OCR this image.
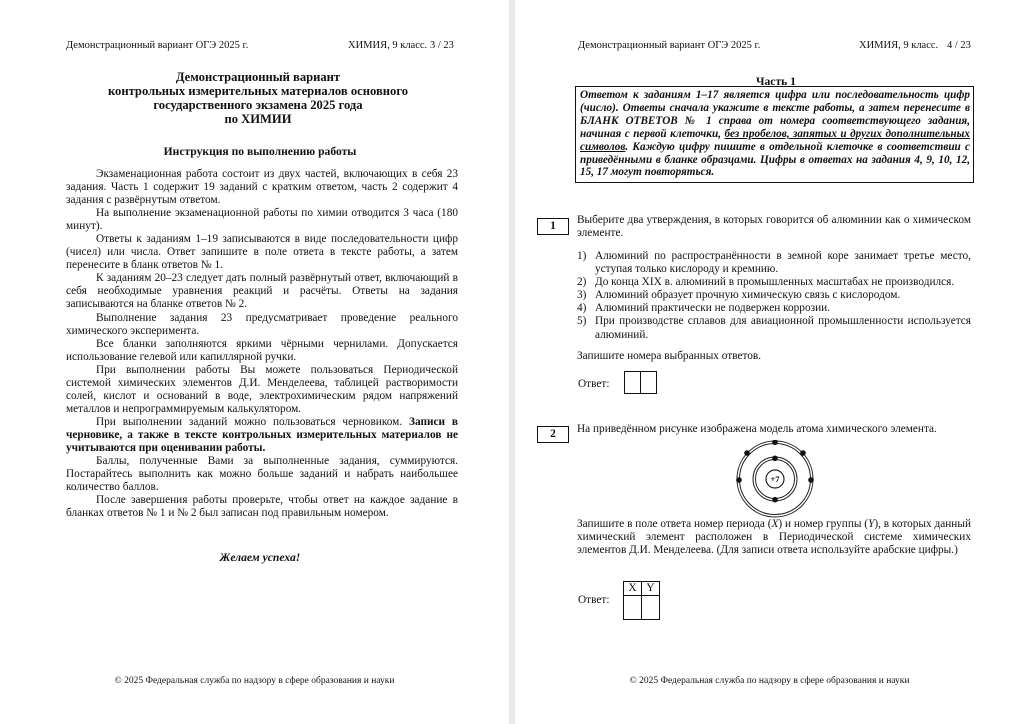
Демонстрационный вариант ОГЭ 2025 г.	ХИМИЯ, 9 класс. 3 / 23
Демонстрационный вариант
контрольных измерительных материалов основного
государственного экзамена 2025 года
по ХИМИИ
Инструкция по выполнению работы

Экзаменационная работа состоит из двух частей, включающих в себя 23 задания. Часть 1 содержит 19 заданий с кратким ответом, часть 2 содержит 4 задания с развёрнутым ответом.

На выполнение экзаменационной работы по химии отводится 3 часа (180 минут).

Ответы к заданиям 1–19 записываются в виде последовательности цифр (чисел) или числа. Ответ запишите в поле ответа в тексте работы, а затем перенесите в бланк ответов № 1.

К заданиям 20–23 следует дать полный развёрнутый ответ, включающий в себя необходимые уравнения реакций и расчёты. Ответы на задания записываются на бланке ответов № 2.

Выполнение задания 23 предусматривает проведение реального химического эксперимента.

Все бланки заполняются яркими чёрными чернилами. Допускается использование гелевой или капиллярной ручки.

При выполнении работы Вы можете пользоваться Периодической системой химических элементов Д.И. Менделеева, таблицей растворимости солей, кислот и оснований в воде, электрохимическим рядом напряжений металлов и непрограммируемым калькулятором.

При выполнении заданий можно пользоваться черновиком. Записи в черновике, а также в тексте контрольных измерительных материалов не учитываются при оценивании работы.

Баллы, полученные Вами за выполненные задания, суммируются. Постарайтесь выполнить как можно больше заданий и набрать наибольшее количество баллов.

После завершения работы проверьте, чтобы ответ на каждое задание в бланках ответов № 1 и № 2 был записан под правильным номером.

Желаем успеха!
© 2025 Федеральная служба по надзору в сфере образования и науки
Демонстрационный вариант ОГЭ 2025 г.	ХИМИЯ, 9 класс. 4 / 23
Часть 1
Ответом к заданиям 1–17 является цифра или последовательность цифр (число). Ответы сначала укажите в тексте работы, а затем перенесите в БЛАНК ОТВЕТОВ № 1 справа от номера соответствующего задания, начиная с первой клеточки, без пробелов, запятых и других дополнительных символов. Каждую цифру пишите в отдельной клеточке в соответствии с приведёнными в бланке образцами. Цифры в ответах на задания 4, 9, 10, 12, 15, 17 могут повторяться.
1	Выберите два утверждения, в которых говорится об алюминии как о химическом элементе.
1) Алюминий по распространённости в земной коре занимает третье место, уступая только кислороду и кремнию.
2) До конца XIX в. алюминий в промышленных масштабах не производился.
3) Алюминий образует прочную химическую связь с кислородом.
4) Алюминий практически не подвержен коррозии.
5) При производстве сплавов для авиационной промышленности используется алюминий.
Запишите номера выбранных ответов.
Ответ:
2	На приведённом рисунке изображена модель атома химического элемента.
+7
Запишите в поле ответа номер периода (X) и номер группы (Y), в которых данный химический элемент расположен в Периодической системе химических элементов Д.И. Менделеева. (Для записи ответа используйте арабские цифры.)
Ответ:
X	Y

© 2025 Федеральная служба по надзору в сфере образования и науки
